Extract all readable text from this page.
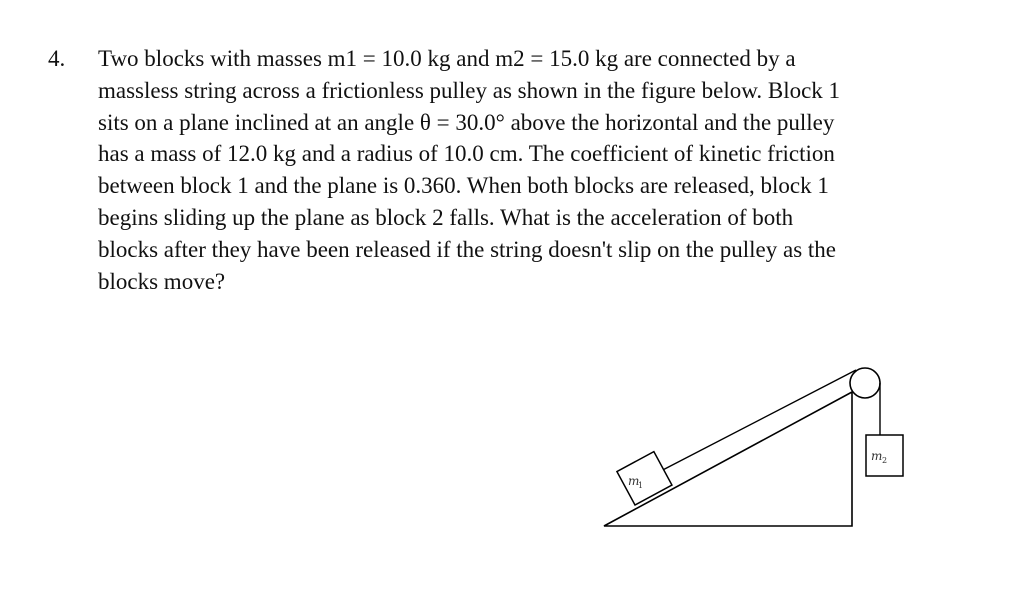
4. Two blocks with masses m1 = 10.0 kg and m2 = 15.0 kg are connected by a
massless string across a frictionless pulley as shown in the figure below. Block 1
sits on a plane inclined at an angle θ = 30.0° above the horizontal and the pulley
has a mass of 12.0 kg and a radius of 10.0 cm. The coefficient of kinetic friction
between block 1 and the plane is 0.360. When both blocks are released, block 1
begins sliding up the plane as block 2 falls. What is the acceleration of both
blocks after they have been released if the string doesn't slip on the pulley as the
blocks move?

m
1
m 2
